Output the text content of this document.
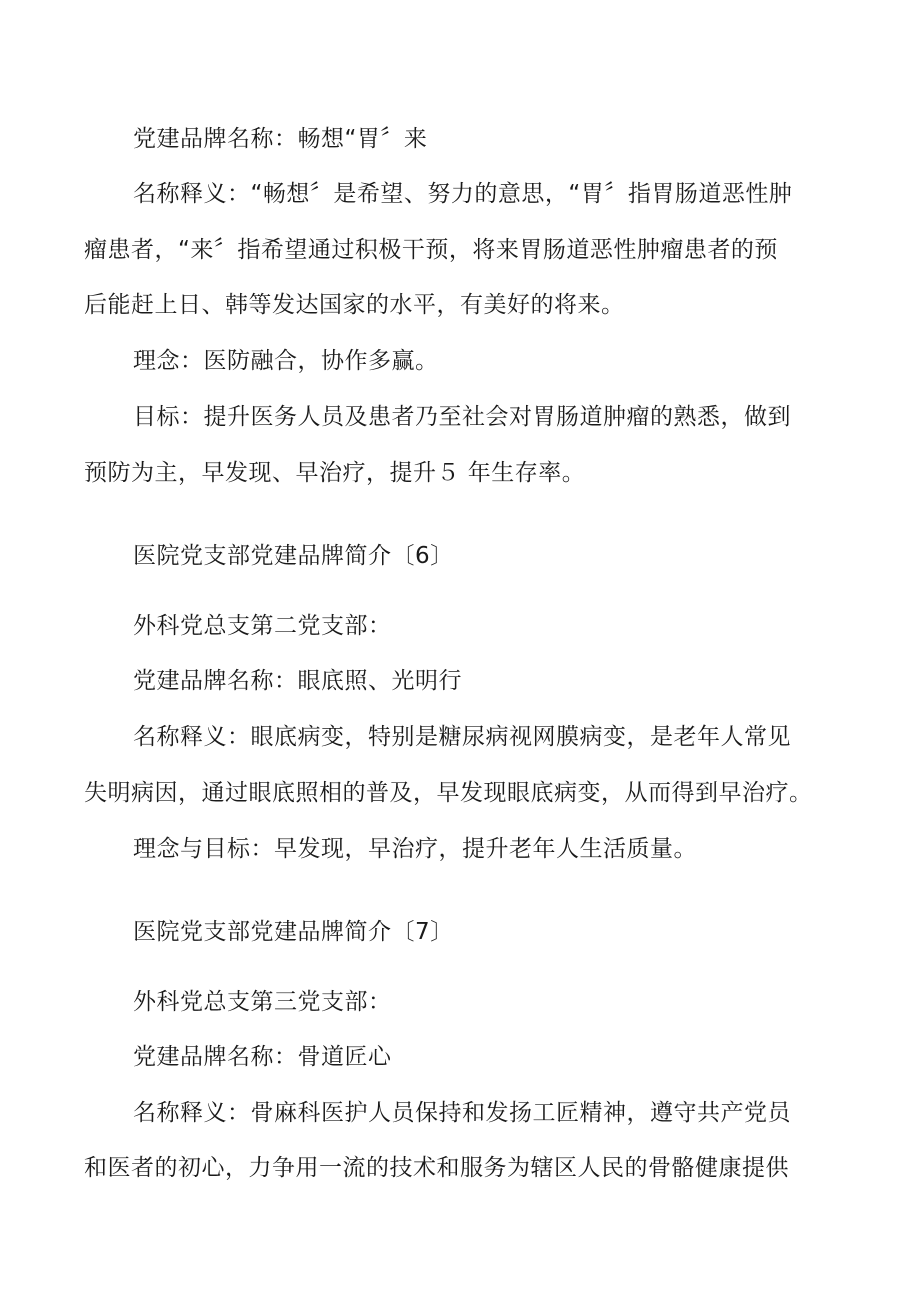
党建品牌名称：畅想“胃〞来
名称释义：“畅想〞是希望、努力的意思，“胃〞指胃肠道恶性肿
瘤患者，“来〞指希望通过积极干预，将来胃肠道恶性肿瘤患者的预
后能赶上日、韩等发达国家的水平，有美好的将来。
理念：医防融合，协作多赢。
目标：提升医务人员及患者乃至社会对胃肠道肿瘤的熟悉，做到
预防为主，早发现、早治疗，提升５ 年生存率。
医院党支部党建品牌简介〔6〕
外科党总支第二党支部：
党建品牌名称：眼底照、光明行
名称释义：眼底病变，特别是糖尿病视网膜病变，是老年人常见
失明病因，通过眼底照相的普及，早发现眼底病变，从而得到早治疗。
理念与目标：早发现，早治疗，提升老年人生活质量。
医院党支部党建品牌简介〔7〕
外科党总支第三党支部：
党建品牌名称：骨道匠心
名称释义：骨麻科医护人员保持和发扬工匠精神，遵守共产党员
和医者的初心，力争用一流的技术和服务为辖区人民的骨骼健康提供
